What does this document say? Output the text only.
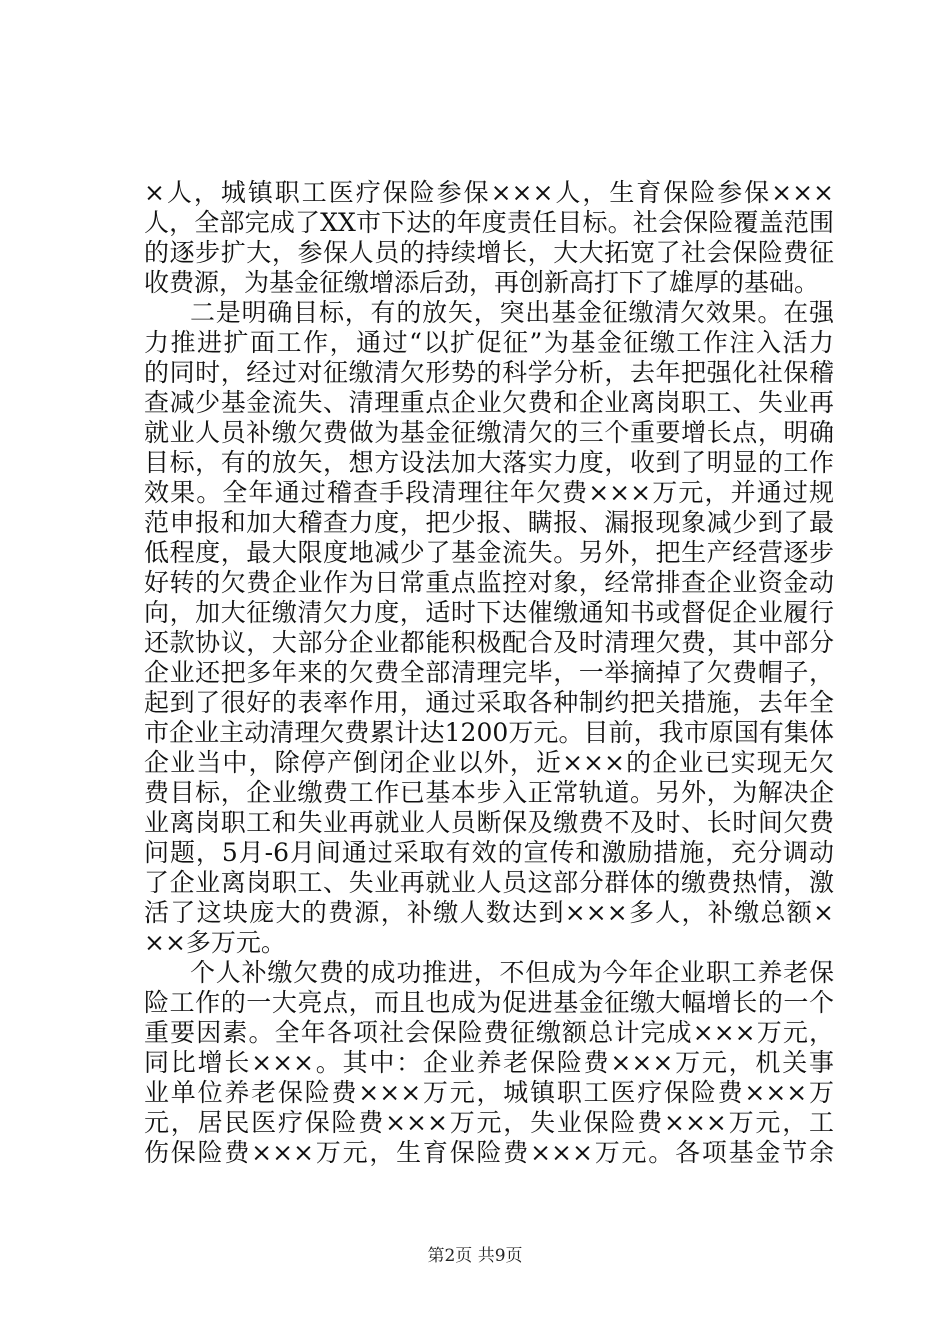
×人，城镇职工医疗保险参保×××人，生育保险参保×××
人，全部完成了XX市下达的年度责任目标。社会保险覆盖范围
的逐步扩大，参保人员的持续增长，大大拓宽了社会保险费征
收费源，为基金征缴增添后劲，再创新高打下了雄厚的基础。
二是明确目标，有的放矢，突出基金征缴清欠效果。在强
力推进扩面工作，通过“以扩促征”为基金征缴工作注入活力
的同时，经过对征缴清欠形势的科学分析，去年把强化社保稽
查减少基金流失、清理重点企业欠费和企业离岗职工、失业再
就业人员补缴欠费做为基金征缴清欠的三个重要增长点，明确
目标，有的放矢，想方设法加大落实力度，收到了明显的工作
效果。全年通过稽查手段清理往年欠费×××万元，并通过规
范申报和加大稽查力度，把少报、瞒报、漏报现象减少到了最
低程度，最大限度地减少了基金流失。另外，把生产经营逐步
好转的欠费企业作为日常重点监控对象，经常排查企业资金动
向，加大征缴清欠力度，适时下达催缴通知书或督促企业履行
还款协议，大部分企业都能积极配合及时清理欠费，其中部分
企业还把多年来的欠费全部清理完毕，一举摘掉了欠费帽子，
起到了很好的表率作用，通过采取各种制约把关措施，去年全
市企业主动清理欠费累计达1200万元。目前，我市原国有集体
企业当中，除停产倒闭企业以外，近×××的企业已实现无欠
费目标，企业缴费工作已基本步入正常轨道。另外，为解决企
业离岗职工和失业再就业人员断保及缴费不及时、长时间欠费
问题，5月-6月间通过采取有效的宣传和激励措施，充分调动
了企业离岗职工、失业再就业人员这部分群体的缴费热情，激
活了这块庞大的费源，补缴人数达到×××多人，补缴总额×
××多万元。
个人补缴欠费的成功推进，不但成为今年企业职工养老保
险工作的一大亮点，而且也成为促进基金征缴大幅增长的一个
重要因素。全年各项社会保险费征缴额总计完成×××万元，
同比增长×××。其中：企业养老保险费×××万元，机关事
业单位养老保险费×××万元，城镇职工医疗保险费×××万
元，居民医疗保险费×××万元，失业保险费×××万元，工
伤保险费×××万元，生育保险费×××万元。各项基金节余
第2页 共9页
